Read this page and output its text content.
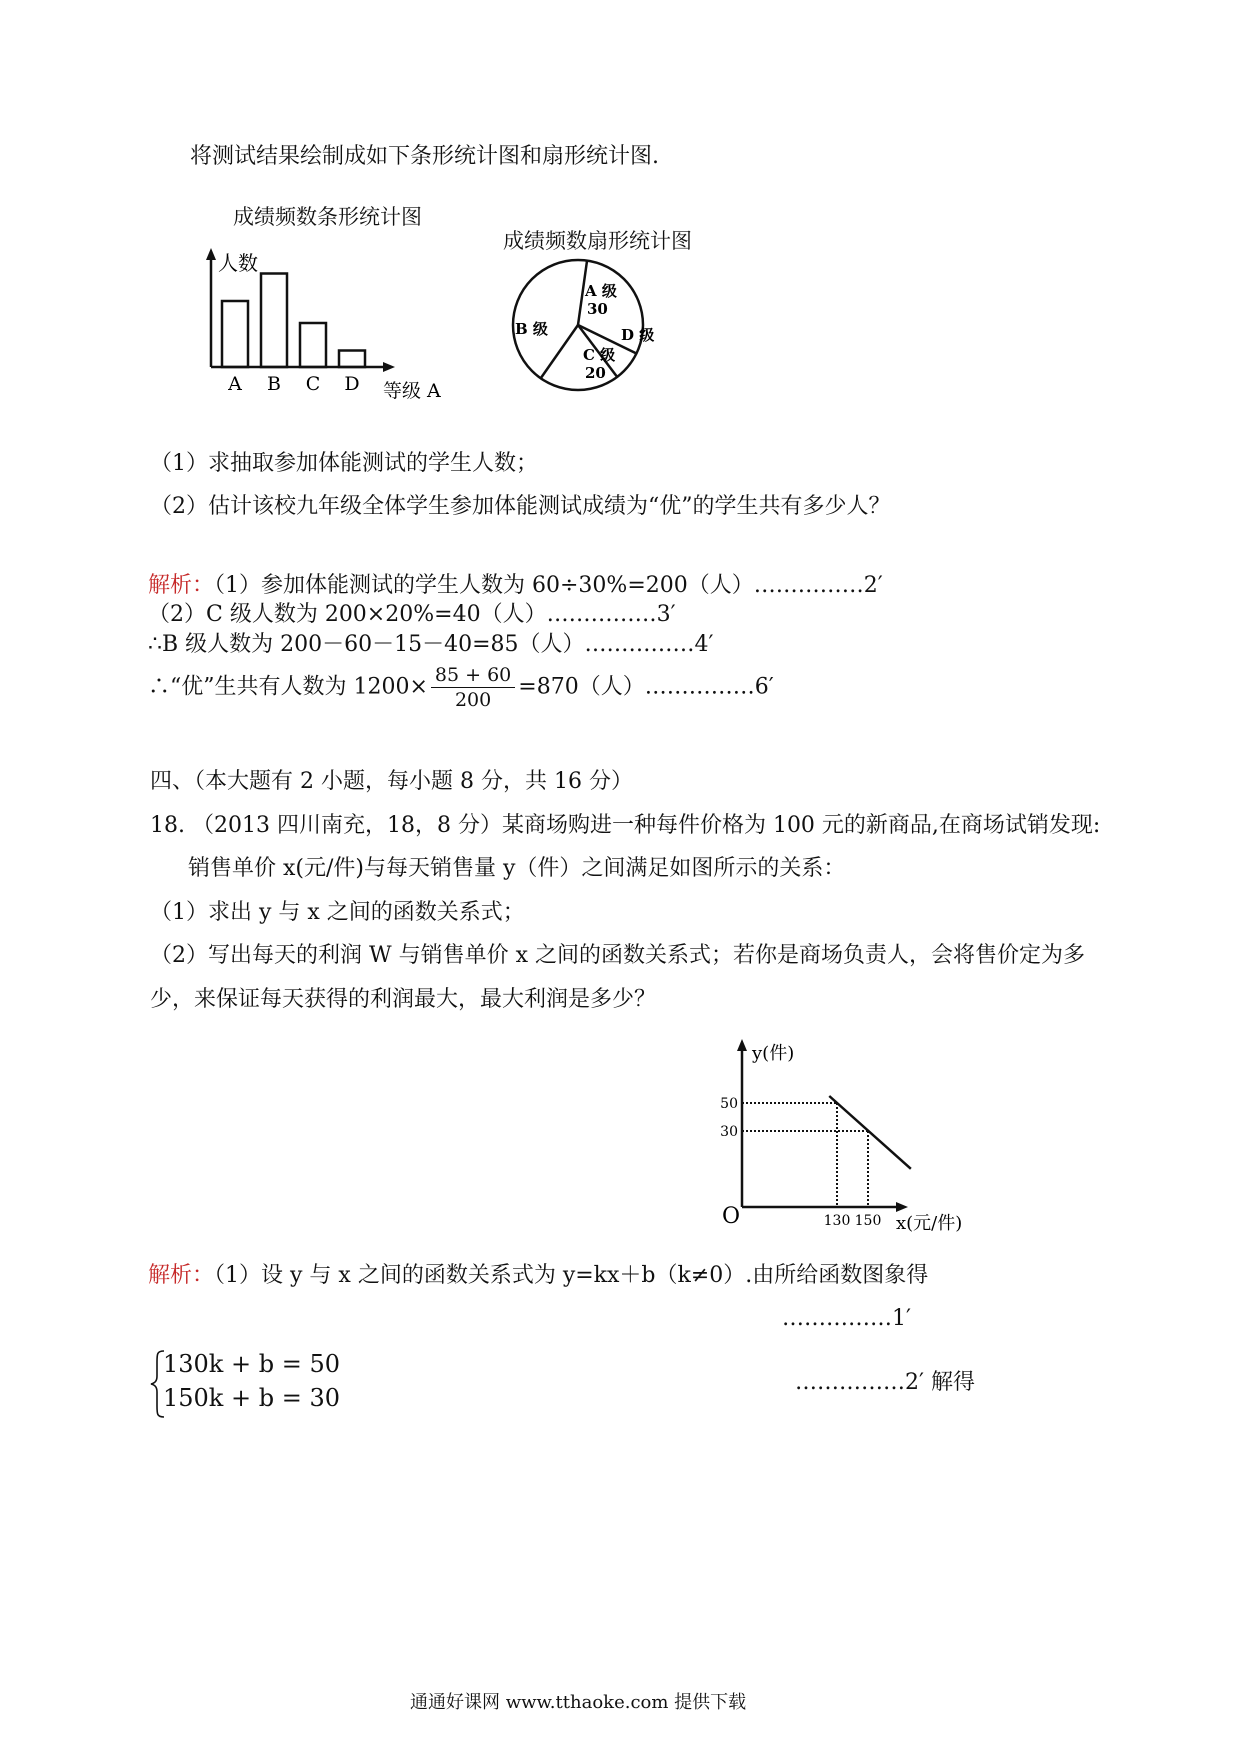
将测试结果绘制成如下条形统计图和扇形统计图.
成绩频数条形统计图
人数
等级 A
A B C D
成绩频数扇形统计图
A 级
30
B 级	D 级
C 级
20
（1）求抽取参加体能测试的学生人数；
（2）估计该校九年级全体学生参加体能测试成绩为“优”的学生共有多少人？
解析：（1）参加体能测试的学生人数为 60÷30%=200（人）……………2′
（2）C 级人数为 200×20%=40（人）……………3′
∴B 级人数为 200－60－15－40=85（人）……………4′
∴“优”生共有人数为 $1200\times \frac{85 + 60}{200} =870$（人）……………6′
四、（本大题有 2 小题，每小题 8 分，共 16 分）
18. （2013 四川南充，18，8 分）某商场购进一种每件价格为 100 元的新商品,在商场试销发现:
销售单价 x(元/件)与每天销售量 y（件）之间满足如图所示的关系：
（1）求出 y 与 x 之间的函数关系式；
（2）写出每天的利润 W 与销售单价 x 之间的函数关系式；若你是商场负责人，会将售价定为多
少，来保证每天获得的利润最大，最大利润是多少？
y(件)
x(元/件)
O	130
50
150
30
解析：（1）设 y 与 x 之间的函数关系式为 y=kx＋b（k≠0）.由所给函数图象得
……………1′
130k + b = 50
150k + b = 30
……………2′ 解得
通通好课网 www.tthaoke.com 提供下载
